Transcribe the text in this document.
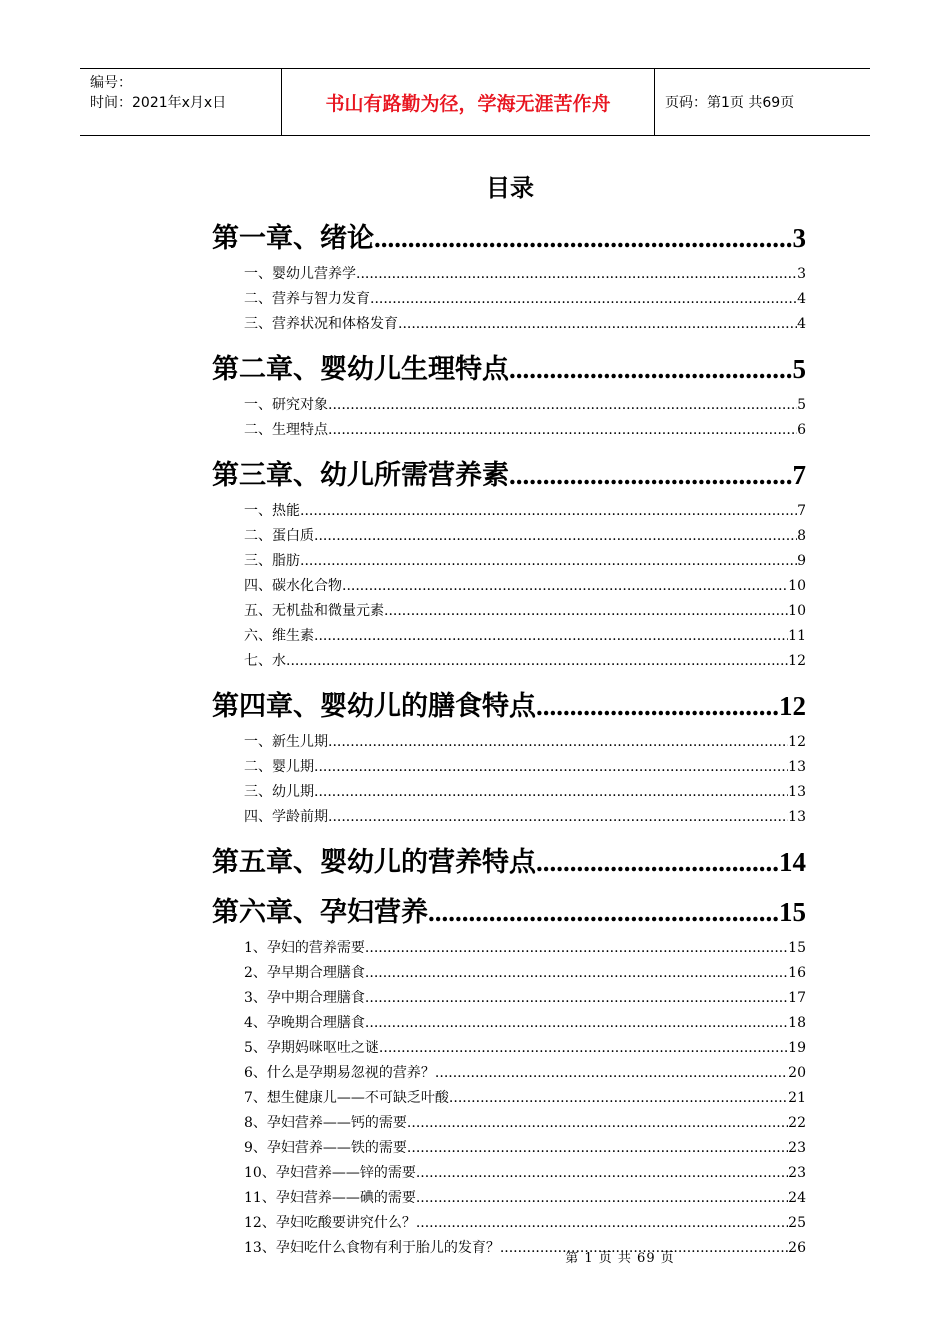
编号：
时间：2021年x月x日	书山有路勤为径，学海无涯苦作舟	页码：第1页 共69页
目录
第一章、绪论 .....	3
一、婴幼儿营养学 .....	3
二、营养与智力发育 .....	4
三、营养状况和体格发育 .....	4
第二章、婴幼儿生理特点 .....	5
一、研究对象 .....	5
二、生理特点 .....	6
第三章、幼儿所需营养素 .....	7
一、热能 .....	7
二、蛋白质 .....	8
三、脂肪 .....	9
四、碳水化合物 .....	10
五、无机盐和微量元素 .....	10
六、维生素 .....	11
七、水 .....	12
第四章、婴幼儿的膳食特点 .....	12
一、新生儿期 .....	12
二、婴儿期 .....	13
三、幼儿期 .....	13
四、学龄前期 .....	13
第五章、婴幼儿的营养特点 .....	14
第六章、孕妇营养 .....	15
1、孕妇的营养需要 .....	15
2、孕早期合理膳食 .....	16
3、孕中期合理膳食 .....	17
4、孕晚期合理膳食 .....	18
5、孕期妈咪呕吐之谜 .....	19
6、什么是孕期易忽视的营养？ .....	20
7、想生健康儿——不可缺乏叶酸 .....	21
8、孕妇营养——钙的需要 .....	22
9、孕妇营养——铁的需要 .....	23
10、孕妇营养——锌的需要 .....	23
11、孕妇营养——碘的需要 .....	24
12、孕妇吃酸要讲究什么？ .....	25
13、孕妇吃什么食物有利于胎儿的发育？ .....	26
第 1 页 共 69 页
